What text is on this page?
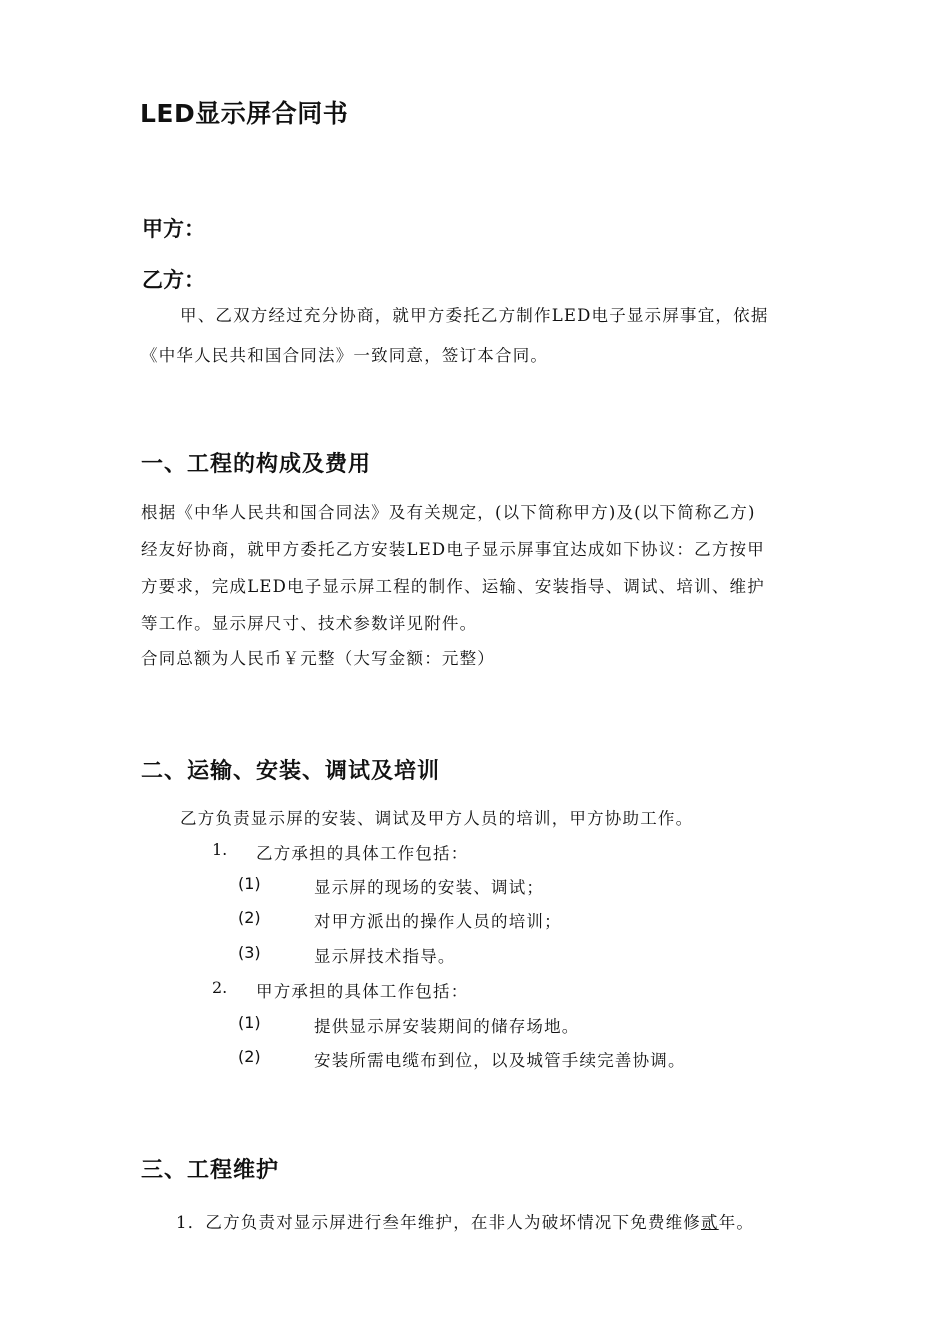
LED显示屏合同书
甲方：
乙方：
甲、乙双方经过充分协商，就甲方委托乙方制作LED电子显示屏事宜，依据
《中华人民共和国合同法》一致同意，签订本合同。
一、工程的构成及费用
根据《中华人民共和国合同法》及有关规定，(以下简称甲方)及(以下简称乙方)
经友好协商，就甲方委托乙方安装LED电子显示屏事宜达成如下协议：乙方按甲
方要求，完成LED电子显示屏工程的制作、运输、安装指导、调试、培训、维护
等工作。显示屏尺寸、技术参数详见附件。
合同总额为人民币￥元整（大写金额：元整）
二、运输、安装、调试及培训
乙方负责显示屏的安装、调试及甲方人员的培训，甲方协助工作。
1. 乙方承担的具体工作包括：
(1)	显示屏的现场的安装、调试；
(2)	对甲方派出的操作人员的培训；
(3)	显示屏技术指导。
2. 甲方承担的具体工作包括：
(1)	提供显示屏安装期间的储存场地。
(2)	安装所需电缆布到位，以及城管手续完善协调。
三、工程维护
1．乙方负责对显示屏进行叁年维护，在非人为破坏情况下免费维修贰年。
